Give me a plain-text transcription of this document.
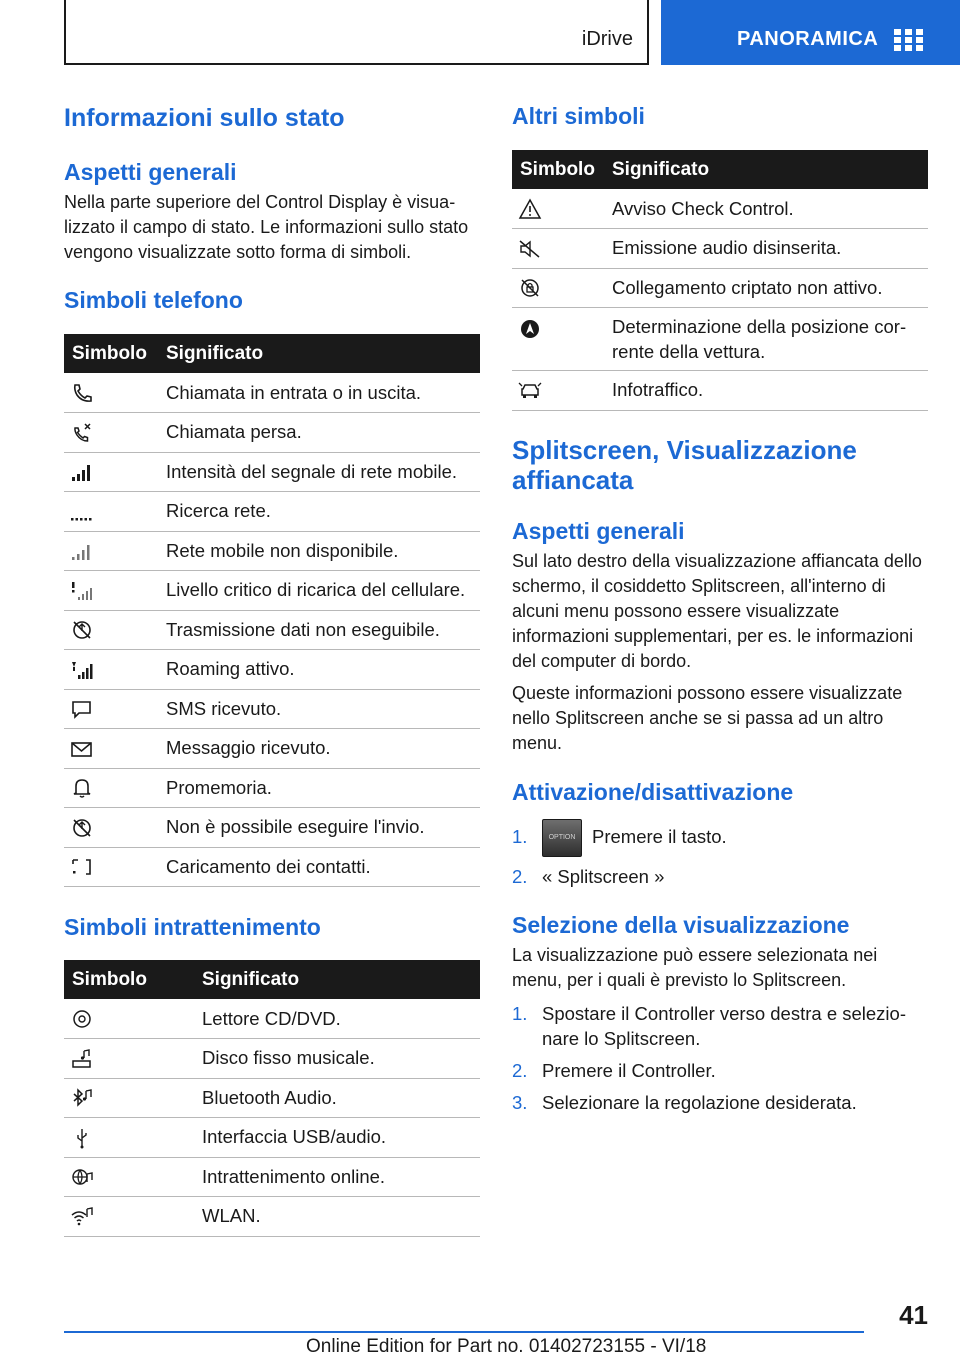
iDrive	PANORAMICA
Informazioni sullo stato
Aspetti generali

Nella parte superiore del Control Display è visualizzato il campo di stato. Le informazioni sullo stato vengono visualizzate sotto forma di simboli.

Simboli telefono
Simbolo	Significato
	Chiamata in entrata o in uscita.
	Chiamata persa.
	Intensità del segnale di rete mobile.
	Ricerca rete.
	Rete mobile non disponibile.
	Livello critico di ricarica del cellulare.
	Trasmissione dati non eseguibile.
	Roaming attivo.
	SMS ricevuto.
	Messaggio ricevuto.
	Promemoria.
	Non è possibile eseguire l'invio.
	Caricamento dei contatti.
Simboli intrattenimento
Simbolo	Significato
	Lettore CD/DVD.
	Disco fisso musicale.
	Bluetooth Audio.
	Interfaccia USB/audio.
	Intrattenimento online.
	WLAN.
Altri simboli
Simbolo	Significato
	Avviso Check Control.
	Emissione audio disinserita.
	Collegamento criptato non attivo.
	Determinazione della posizione corrente della vettura.
	Infotraffico.
Splitscreen, Visualizzazione affiancata
Aspetti generali

Sul lato destro della visualizzazione affiancata dello schermo, il cosiddetto Splitscreen, all'interno di alcuni menu possono essere visualizzate informazioni supplementari, per es. le informazioni del computer di bordo.

Queste informazioni possono essere visualizzate nello Splitscreen anche se si passa ad un altro menu.

Attivazione/disattivazione
1.	OPTION Premere il tasto.
2. « Splitscreen »
Selezione della visualizzazione

La visualizzazione può essere selezionata nei menu, per i quali è previsto lo Splitscreen.

1. Spostare il Controller verso destra e selezionare lo Splitscreen.
2. Premere il Controller.
3. Selezionare la regolazione desiderata.
41
Online Edition for Part no. 01402723155 - VI/18
